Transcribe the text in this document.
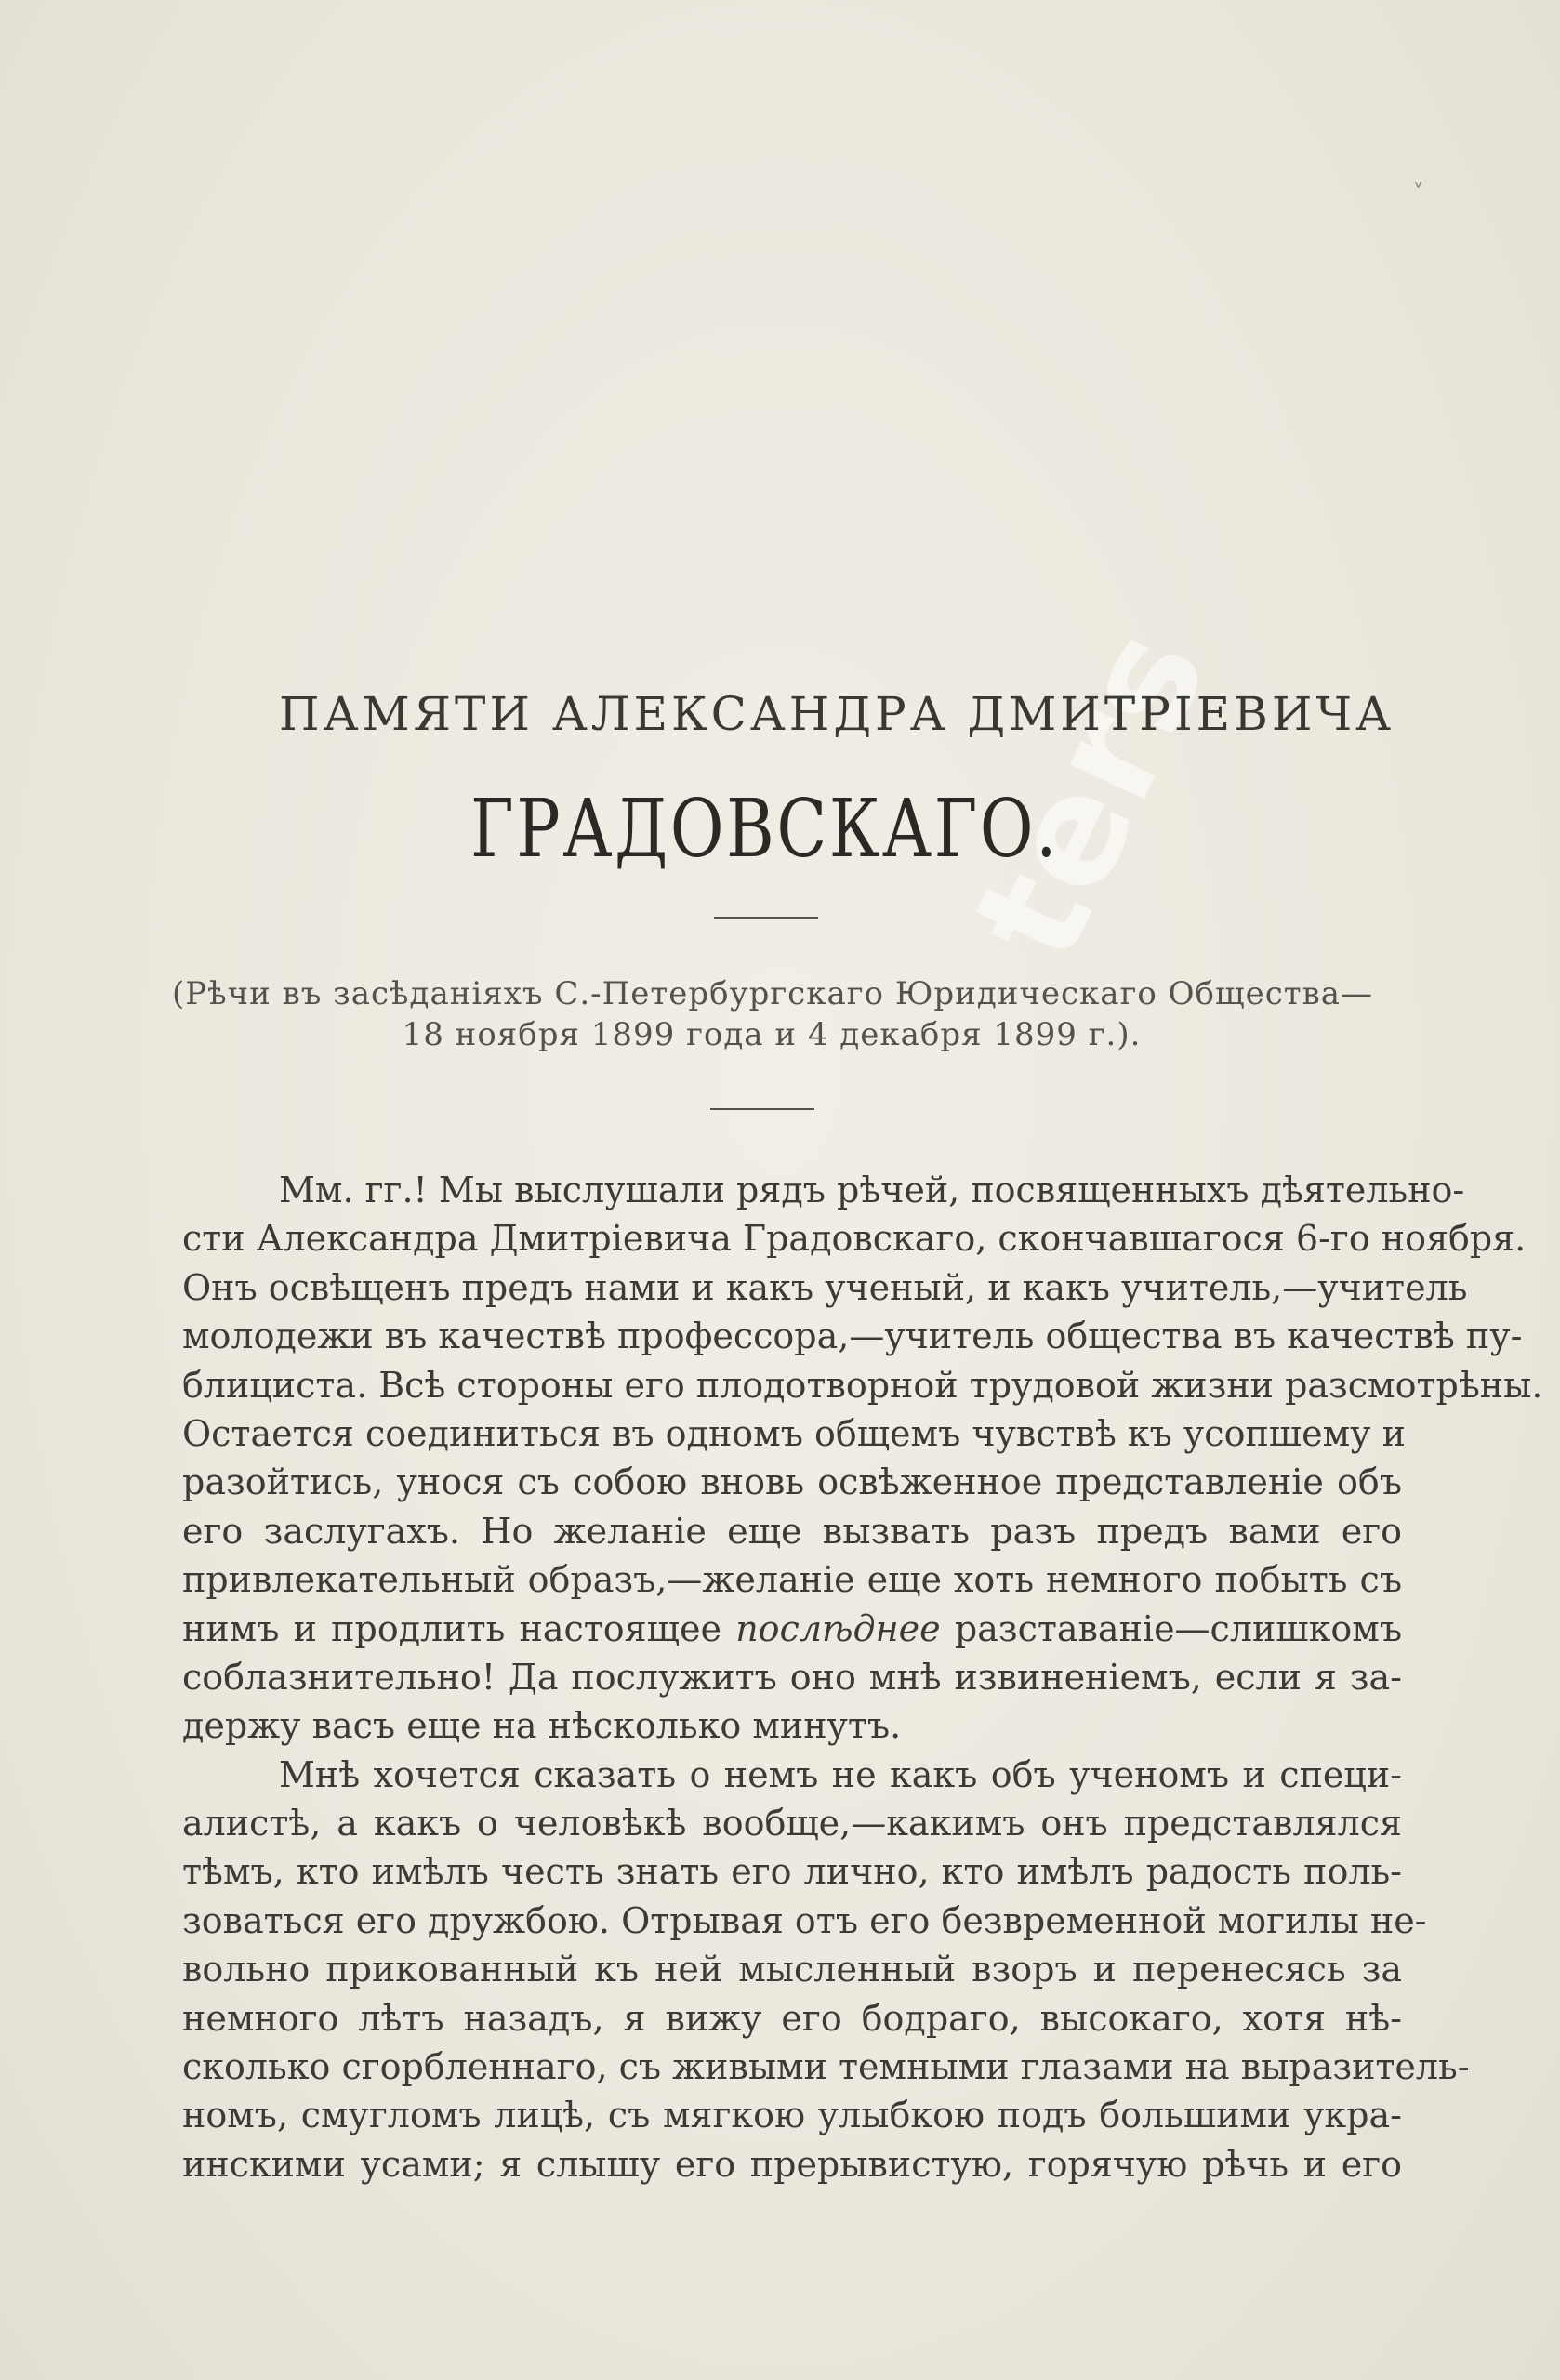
˅
ters
ПАМЯТИ АЛЕКСАНДРА ДМИТРІЕВИЧА
ГРАДОВСКАГО.
(Рѣчи въ засѣданіяхъ С.-Петербургскаго Юридическаго Общества—
18 ноября 1899 года и 4 декабря 1899 г.).
Мм. гг.! Мы выслушали рядъ рѣчей, посвященныхъ дѣятельно-
сти Александра Дмитріевича Градовскаго, скончавшагося 6-го ноября.
Онъ освѣщенъ предъ нами и какъ ученый, и какъ учитель,—учитель
молодежи въ качествѣ профессора,—учитель общества въ качествѣ пу-
блициста. Всѣ стороны его плодотворной трудовой жизни разсмотрѣны.
Остается соединиться въ одномъ общемъ чувствѣ къ усопшему и
разойтись, унося съ собою вновь освѣженное представленіе объ
его заслугахъ. Но желаніе еще вызвать разъ предъ вами его
привлекательный образъ,—желаніе еще хоть немного побыть съ
нимъ и продлить настоящее послѣднее разставаніе—слишкомъ
соблазнительно! Да послужитъ оно мнѣ извиненіемъ, если я за-
держу васъ еще на нѣсколько минутъ.
Мнѣ хочется сказать о немъ не какъ объ ученомъ и специ-
алистѣ, а какъ о человѣкѣ вообще,—какимъ онъ представлялся
тѣмъ, кто имѣлъ честь знать его лично, кто имѣлъ радость поль-
зоваться его дружбою. Отрывая отъ его безвременной могилы не-
вольно прикованный къ ней мысленный взоръ и перенесясь за
немного лѣтъ назадъ, я вижу его бодраго, высокаго, хотя нѣ-
сколько сгорбленнаго, съ живыми темными глазами на выразитель-
номъ, смугломъ лицѣ, съ мягкою улыбкою подъ большими укра-
инскими усами; я слышу его прерывистую, горячую рѣчь и его
